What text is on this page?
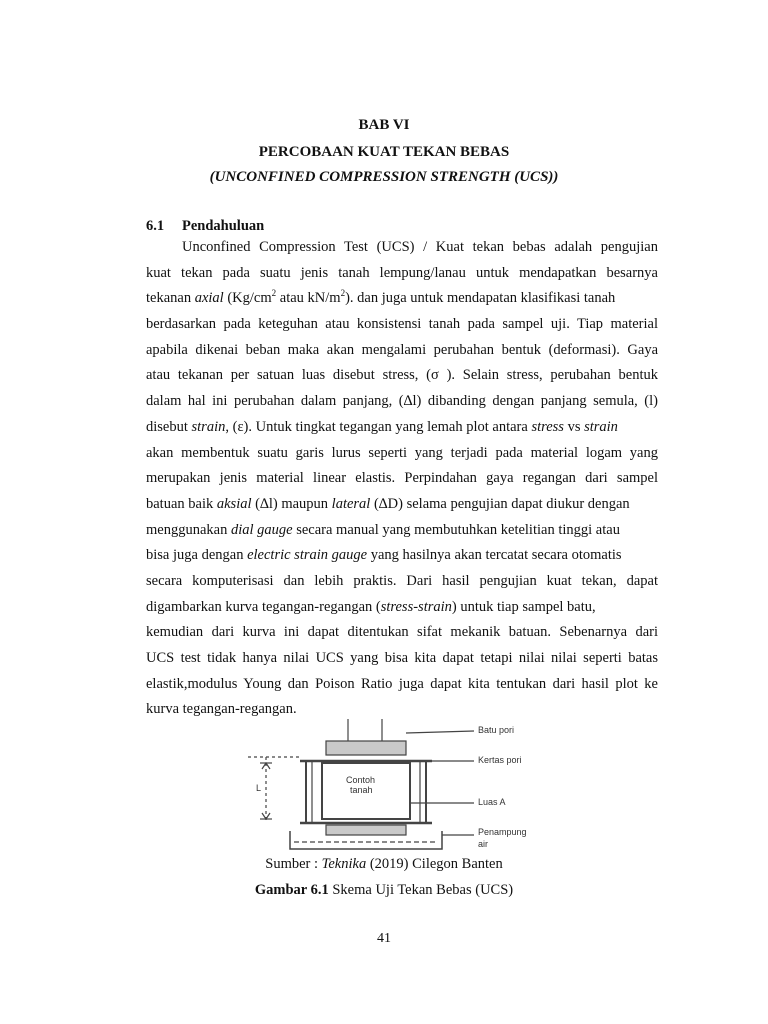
BAB VI
PERCOBAAN KUAT TEKAN BEBAS
(UNCONFINED COMPRESSION STRENGTH (UCS))
6.1 Pendahuluan
Unconfined Compression Test (UCS) / Kuat tekan bebas adalah pengujian
kuat tekan pada suatu jenis tanah lempung/lanau untuk mendapatkan besarnya
tekanan axial ($Kg/cm^2$ atau $kN/m^2$). dan juga untuk mendapatan klasifikasi tanah
berdasarkan pada keteguhan atau konsistensi tanah pada sampel uji. Tiap material
apabila dikenai beban maka akan mengalami perubahan bentuk (deformasi). Gaya
atau tekanan per satuan luas disebut stress, (σ ). Selain stress, perubahan bentuk
dalam hal ini perubahan dalam panjang, (∆l) dibanding dengan panjang semula, (l)
disebut strain, (ε). Untuk tingkat tegangan yang lemah plot antara stress vs strain
akan membentuk suatu garis lurus seperti yang terjadi pada material logam yang
merupakan jenis material linear elastis. Perpindahan gaya regangan dari sampel
batuan baik aksial (∆l) maupun lateral (∆D) selama pengujian dapat diukur dengan
menggunakan dial gauge secara manual yang membutuhkan ketelitian tinggi atau
bisa juga dengan electric strain gauge yang hasilnya akan tercatat secara otomatis
secara komputerisasi dan lebih praktis. Dari hasil pengujian kuat tekan, dapat
digambarkan kurva tegangan-regangan (stress-strain) untuk tiap sampel batu,
kemudian dari kurva ini dapat ditentukan sifat mekanik batuan. Sebenarnya dari
UCS test tidak hanya nilai UCS yang bisa kita dapat tetapi nilai nilai seperti batas
elastik,modulus Young dan Poison Ratio juga dapat kita tentukan dari hasil plot ke
kurva tegangan-regangan.
Batu pori
Kertas pori
Luas A
Penampung
air
Contoh
tanah
L
Sumber : Teknika (2019) Cilegon Banten
Gambar 6.1 Skema Uji Tekan Bebas (UCS)
41
